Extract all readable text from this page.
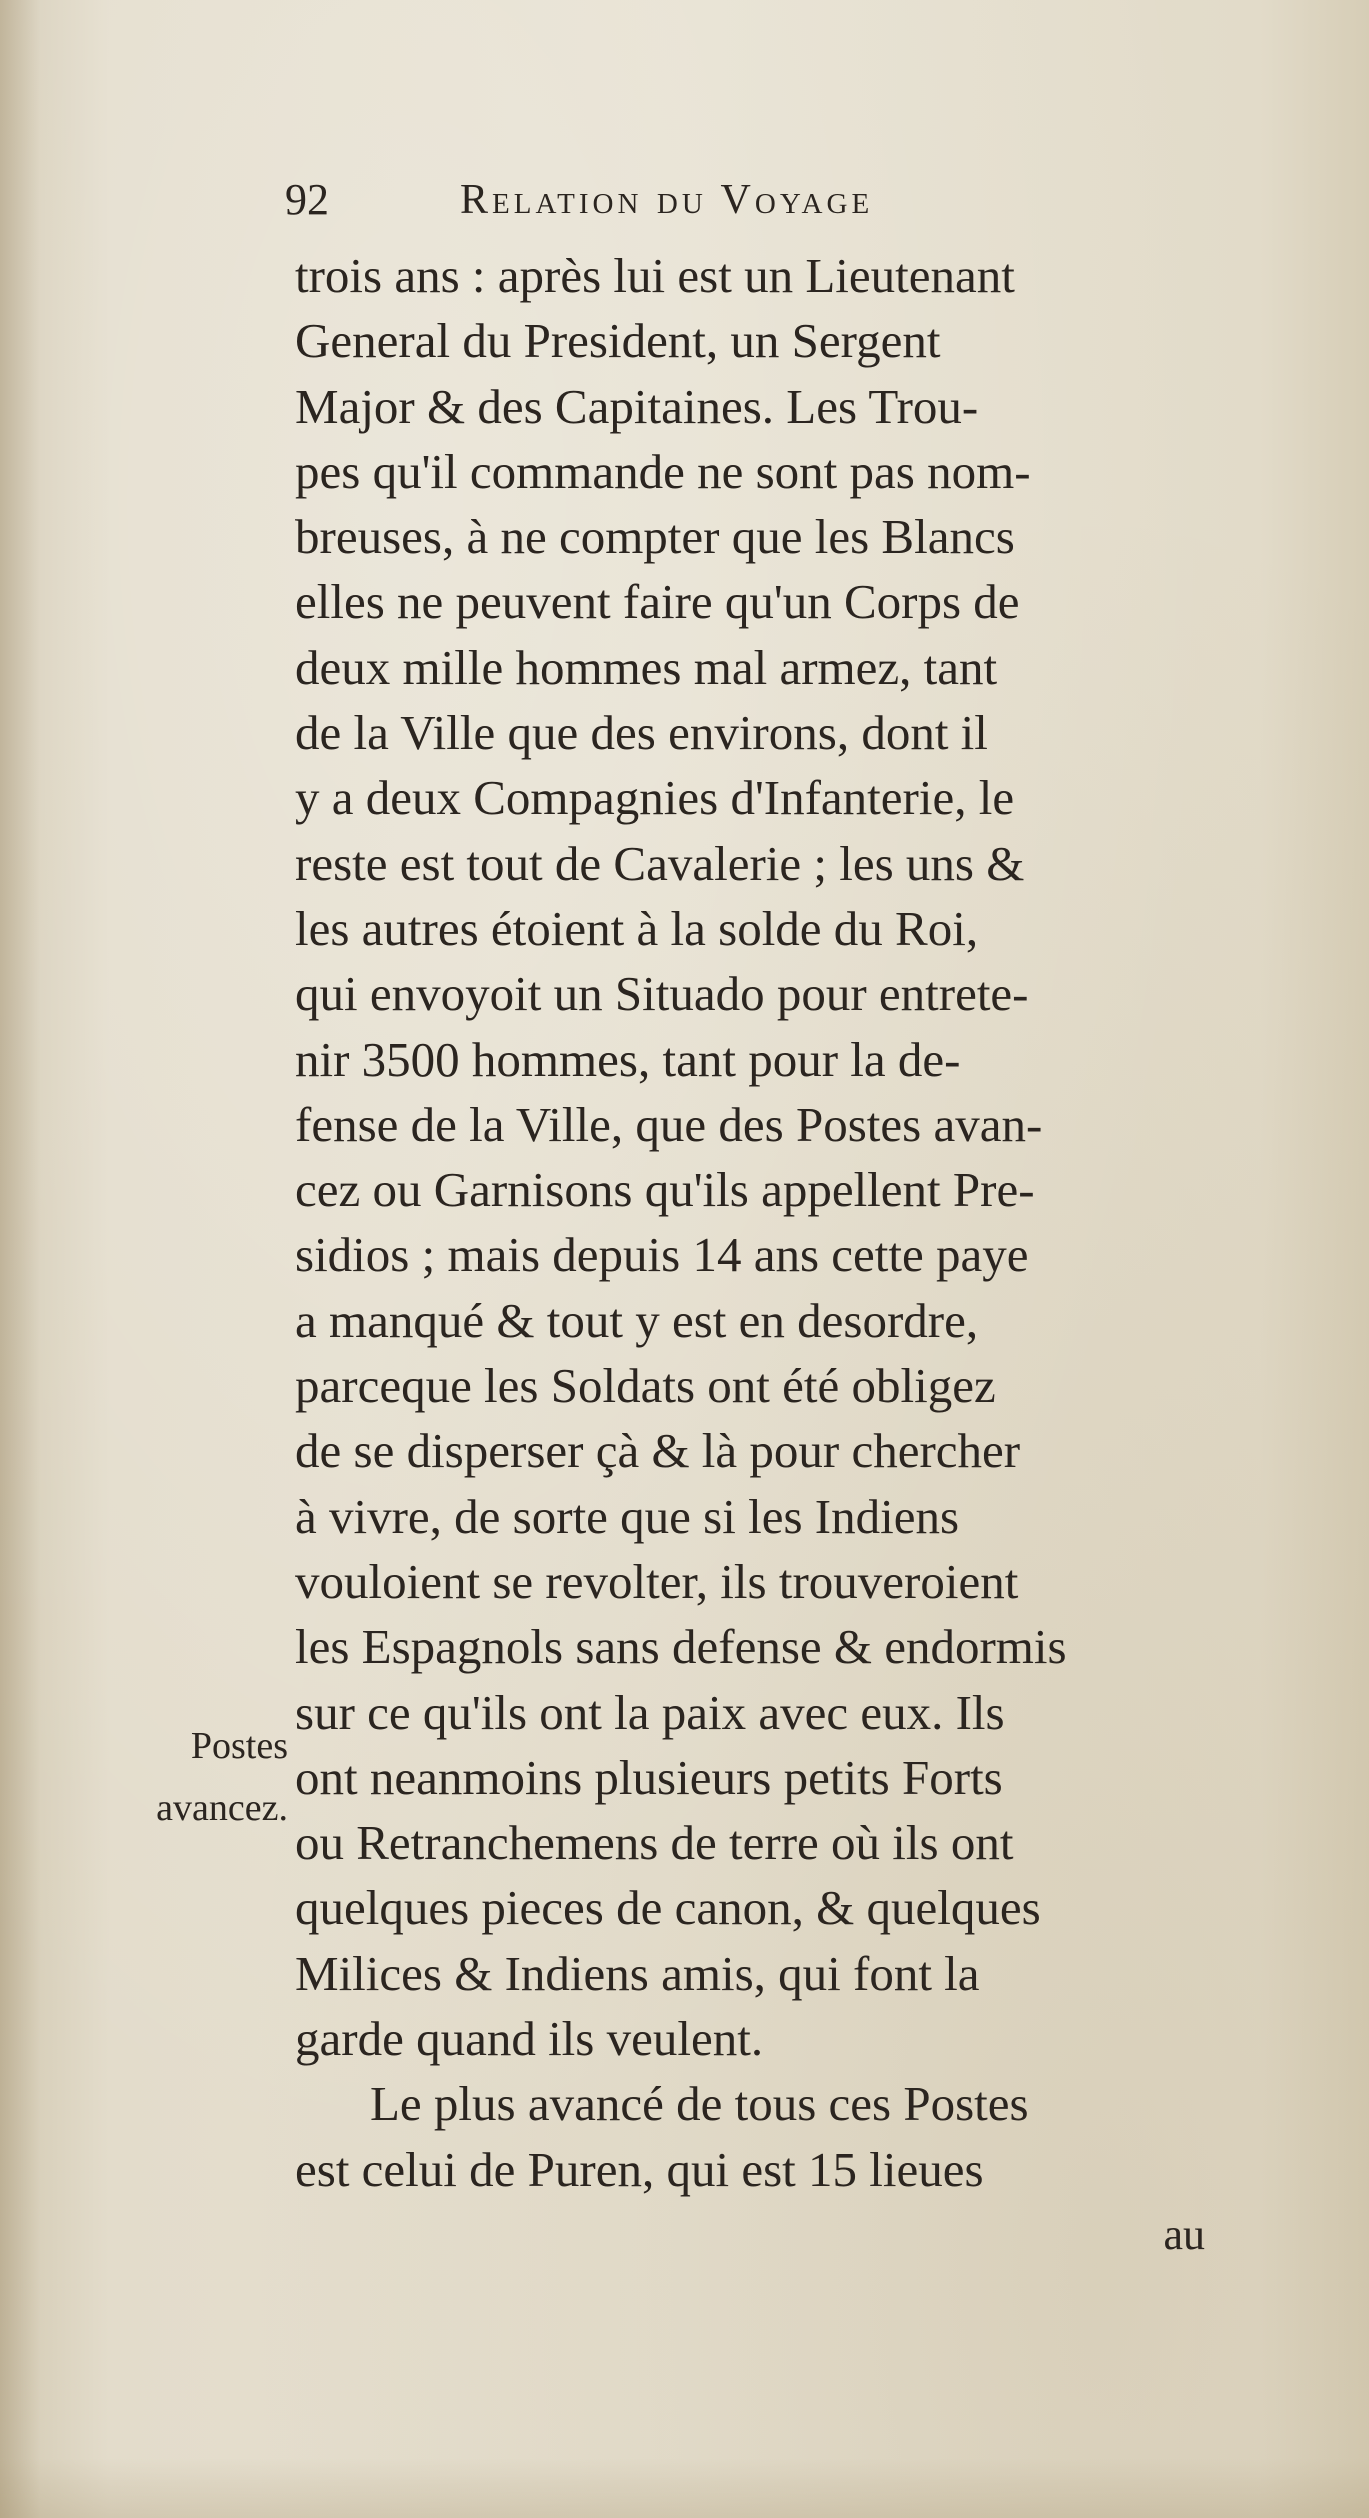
92	Relation du Voyage
Postes
avancez.
trois ans : après lui est un Lieutenant
General du President, un Sergent
Major & des Capitaines. Les Trou-
pes qu'il commande ne sont pas nom-
breuses, à ne compter que les Blancs
elles ne peuvent faire qu'un Corps de
deux mille hommes mal armez, tant
de la Ville que des environs, dont il
y a deux Compagnies d'Infanterie, le
reste est tout de Cavalerie ; les uns &
les autres étoient à la solde du Roi,
qui envoyoit un Situado pour entrete-
nir 3500 hommes, tant pour la de-
fense de la Ville, que des Postes avan-
cez ou Garnisons qu'ils appellent Pre-
sidios ; mais depuis 14 ans cette paye
a manqué & tout y est en desordre,
parceque les Soldats ont été obligez
de se disperser çà & là pour chercher
à vivre, de sorte que si les Indiens
vouloient se revolter, ils trouveroient
les Espagnols sans defense & endormis
sur ce qu'ils ont la paix avec eux. Ils
ont neanmoins plusieurs petits Forts
ou Retranchemens de terre où ils ont
quelques pieces de canon, & quelques
Milices & Indiens amis, qui font la
garde quand ils veulent.
Le plus avancé de tous ces Postes
est celui de Puren, qui est 15 lieues
au
